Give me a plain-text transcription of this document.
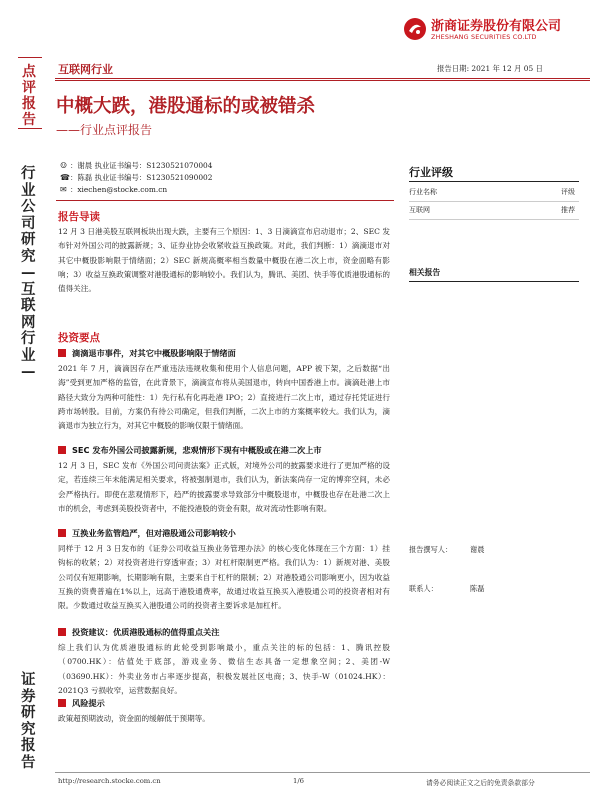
浙商证券股份有限公司
ZHESHANG SECURITIES CO.LTD
互联网行业	报告日期: 2021 年 12 月 05 日
点评报告
行业公司研究—互联网行业—
证券研究报告
中概大跌，港股通标的或被错杀
——行业点评报告
☺ ：谢晨 执业证书编号：S1230521070004
☎：陈磊 执业证书编号：S1230521090002
✉ ：xiechen@stocke.com.cn
行业评级
行业名称	评级
互联网	推荐
相关报告
报告撰写人： 谢晨
联系人：	陈磊
报告导读
12 月 3 日港美股互联网板块出现大跌，主要有三个原因：1、3 日滴滴宣布启动退市；2、SEC 发布针对外国公司的披露新规；3、证券业协会收紧收益互换政策。对此，我们判断：1）滴滴退市对其它中概股影响限于情绪面；2）SEC 新规高概率相当数量中概股在港二次上市，资金面略有影响；3）收益互换政策调整对港股通标的影响较小。我们认为，腾讯、美团、快手等优质港股通标的值得关注。
投资要点
滴滴退市事件，对其它中概股影响限于情绪面
2021 年 7 月，滴滴因存在严重违法违规收集和使用个人信息问题，APP 被下架，之后数据“出海”受到更加严格的监管，在此背景下，滴滴宣布将从美国退市，转向中国香港上市。滴滴赴港上市路径大致分为两种可能性：1）先行私有化再赴港 IPO；2）直接进行二次上市，通过存托凭证进行跨市场转股。目前，方案仍有待公司确定，但我们判断，二次上市的方案概率较大。我们认为，滴滴退市为独立行为，对其它中概股的影响仅限于情绪面。
SEC 发布外国公司披露新规，悲观情形下现有中概股或在港二次上市
12 月 3 日，SEC 发布《外国公司问责法案》正式版，对境外公司的披露要求进行了更加严格的设定，若连续三年未能满足相关要求，将被强制退市，我们认为，新法案尚存一定的博弈空间，未必会严格执行。即使在悲观情形下，趋严的披露要求导致部分中概股退市，中概股也存在赴港二次上市的机会，考虑到美股投资者中，不能投港股的资金有限，故对流动性影响有限。
互换业务监管趋严，但对港股通公司影响较小
同样于 12 月 3 日发布的《证券公司收益互换业务管理办法》的核心变化体现在三个方面：1）挂钩标的收紧；2）对投资者进行穿透审查；3）对杠杆限制更严格。我们认为：1）新规对港、美股公司仅有短期影响，长期影响有限，主要来自于杠杆的限制；2）对港股通公司影响更小，因为收益互换的资费普遍在1%以上，远高于港股通费率，故通过收益互换买入港股通公司的投资者相对有限。少数通过收益互换买入港股通公司的投资者主要诉求是加杠杆。
投资建议：优质港股通标的值得重点关注
综上我们认为优质港股通标的此轮受到影响最小，重点关注的标的包括：1、腾讯控股（0700.HK）：估值处于底部，游戏业务、微信生态具备一定想象空间；2、美团-W（03690.HK）：外卖业务市占率逐步提高，积极发展社区电商；3、快手-W（01024.HK）：2021Q3 亏损收窄，运营数据良好。
风险提示
政策超预期波动，资金面的缓解低于预期等。
http://research.stocke.com.cn	1/6	请务必阅读正文之后的免责条款部分
